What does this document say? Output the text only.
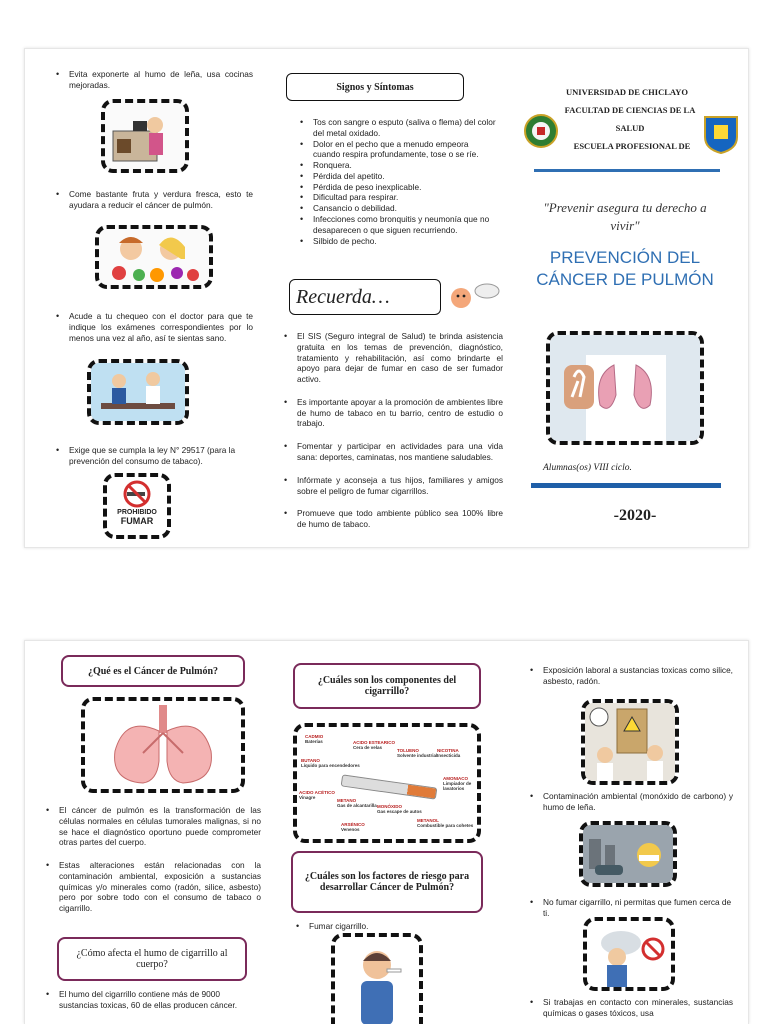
• Evita exponerte al humo de leña, usa cocinas mejoradas.
• Come bastante fruta y verdura fresca, esto te ayudara a reducir el cáncer de pulmón.
• Acude a tu chequeo con el doctor para que te indique los exámenes correspondientes por lo menos una vez al año, así te sientas sano.
• Exige que se cumpla la ley N° 29517 (para la prevención del consumo de tabaco).
PROHIBIDO
FUMAR
Signos y Síntomas
• Tos con sangre o esputo (saliva o flema) del color del metal oxidado.
• Dolor en el pecho que a menudo empeora cuando respira profundamente, tose o se ríe.
• Ronquera.
• Pérdida del apetito.
• Pérdida de peso inexplicable.
• Dificultad para respirar.
• Cansancio o debilidad.
• Infecciones como bronquitis y neumonía que no desaparecen o que siguen recurriendo.
• Silbido de pecho.
Recuerda…
• El SIS (Seguro integral de Salud) te brinda asistencia gratuita en los temas de prevención, diagnóstico, tratamiento y rehabilitación, así como brindarte el apoyo para dejar de fumar en caso de ser fumador activo.
• Es importante apoyar a la promoción de ambientes libre de humo de tabaco en tu barrio, centro de estudio o trabajo.
• Fomentar y participar en actividades para una vida sana: deportes, caminatas, nos mantiene saludables.
• Infórmate y aconseja a tus hijos, familiares y amigos sobre el peligro de fumar cigarrillos.
• Promueve que todo ambiente público sea 100% libre de humo de tabaco.
UNIVERSIDAD DE CHICLAYO
FACULTAD DE CIENCIAS DE LA
SALUD
ESCUELA PROFESIONAL DE
"Prevenir asegura tu derecho a vivir"
PREVENCIÓN DEL CÁNCER DE PULMÓN
Alumnas(os) VIII ciclo.
-2020-
¿Qué es el Cáncer de Pulmón?
• El cáncer de pulmón es la transformación de las células normales en células tumorales malignas, si no se hace el diagnóstico oportuno puede comprometer otras partes del cuerpo.
• Estas alteraciones están relacionadas con la contaminación ambiental, exposición a sustancias químicas y/o minerales como (radón, silice, asbesto) pero por sobre todo con el consumo de tabaco o cigarrillo.
¿Cómo afecta el humo de cigarrillo al cuerpo?
• El humo del cigarrillo contiene más de 9000 sustancias toxicas, 60 de ellas producen cáncer.
¿Cuáles son los componentes del cigarrillo?
CADMIO
Baterías	ACIDO ESTEARICO
Cera de velas
TOLUENO
Solvente industrial
NICOTINA
Insecticida
BUTANO
Líquido para encendedores
AMONIACO
Limpiador de lavatorios
ACIDO ACÉTICO
Vinagre
METANO
Gas de alcantarilla MONÓXIDO
Gas escape de autos
ARSÉNICO
Venenos
METANOL
Combustible para cohetes
¿Cuáles son los factores de riesgo para desarrollar Cáncer de Pulmón?
• Fumar cigarrillo.
• Exposición laboral a sustancias toxicas como silice, asbesto, radón.
• Contaminación ambiental (monóxido de carbono) y humo de leña.
• No fumar cigarrillo, ni permitas que fumen cerca de ti.
• Si trabajas en contacto con minerales, sustancias químicas o gases tóxicos, usa
